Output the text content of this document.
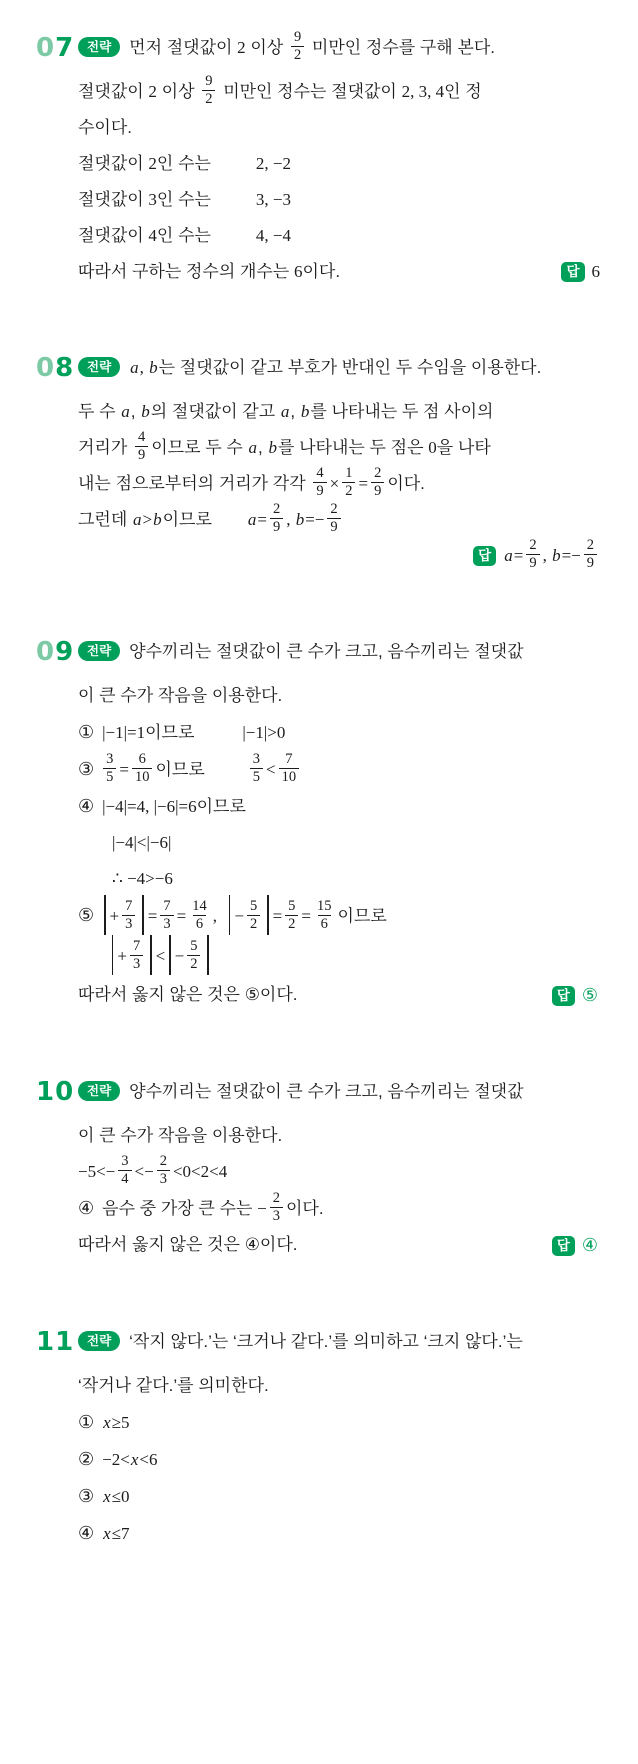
07	전략 먼저 절댓값이 2 이상 $\frac{9}{2}$ 미만인 정수를 구해 본다.
절댓값이 2 이상 $\frac{9}{2}$ 미만인 정수는 절댓값이 2, 3, 4인 정
수이다.
절댓값이 2인 수는	2, −2
절댓값이 3인 수는	3, −3
절댓값이 4인 수는	4, −4
답 6
따라서 구하는 정수의 개수는 6이다.
08	전략 a, b는 절댓값이 같고 부호가 반대인 두 수임을 이용한다.
두 수 a, b의 절댓값이 같고 a, b를 나타내는 두 점 사이의
거리가 $\frac{4}{9}$ 이므로 두 수 a, b를 나타내는 두 점은 0을 나타
내는 점으로부터의 거리가 각각 $\frac{4}{9} \times \frac{1}{2} = \frac{2}{9}$ 이다.
그런데 a>b이므로 $a= \frac{2}{9}$ , $b=- \frac{2}{9}$
답 $a= \frac{2}{9}$ , $b=- \frac{2}{9}$
09	전략 양수끼리는 절댓값이 큰 수가 크고, 음수끼리는 절댓값
이 큰 수가 작음을 이용한다.
① |−1|=1이므로	|−1|>0
③ $\frac{3}{5} = \frac{6}{10}$ 이므로	$\frac{3}{5} < \frac{7}{10}$
④ |−4|=4, |−6|=6이므로
|−4|<|−6|
∴ −4>−6
⑤ + $\frac{7}{3} = \frac{7}{3} = \frac{14}{6}$ , − $\frac{5}{2} = \frac{5}{2} = \frac{15}{6}$ 이므로
+ $\frac{7}{3}$ < − $\frac{5}{2}$
답 ⑤
따라서 옳지 않은 것은 ⑤이다.
10	전략 양수끼리는 절댓값이 큰 수가 크고, 음수끼리는 절댓값
이 큰 수가 작음을 이용한다.
$-5<- \frac{3}{4} <- \frac{2}{3} <0<2<4$
④ 음수 중 가장 큰 수는 − $\frac{2}{3}$ 이다.
답 ④
따라서 옳지 않은 것은 ④이다.
11	전략 ‘작지 않다.’는 ‘크거나 같다.’를 의미하고 ‘크지 않다.’는
‘작거나 같다.’를 의미한다.
① x≥5
② −2<x<6
③ x≤0
④ x≤7
